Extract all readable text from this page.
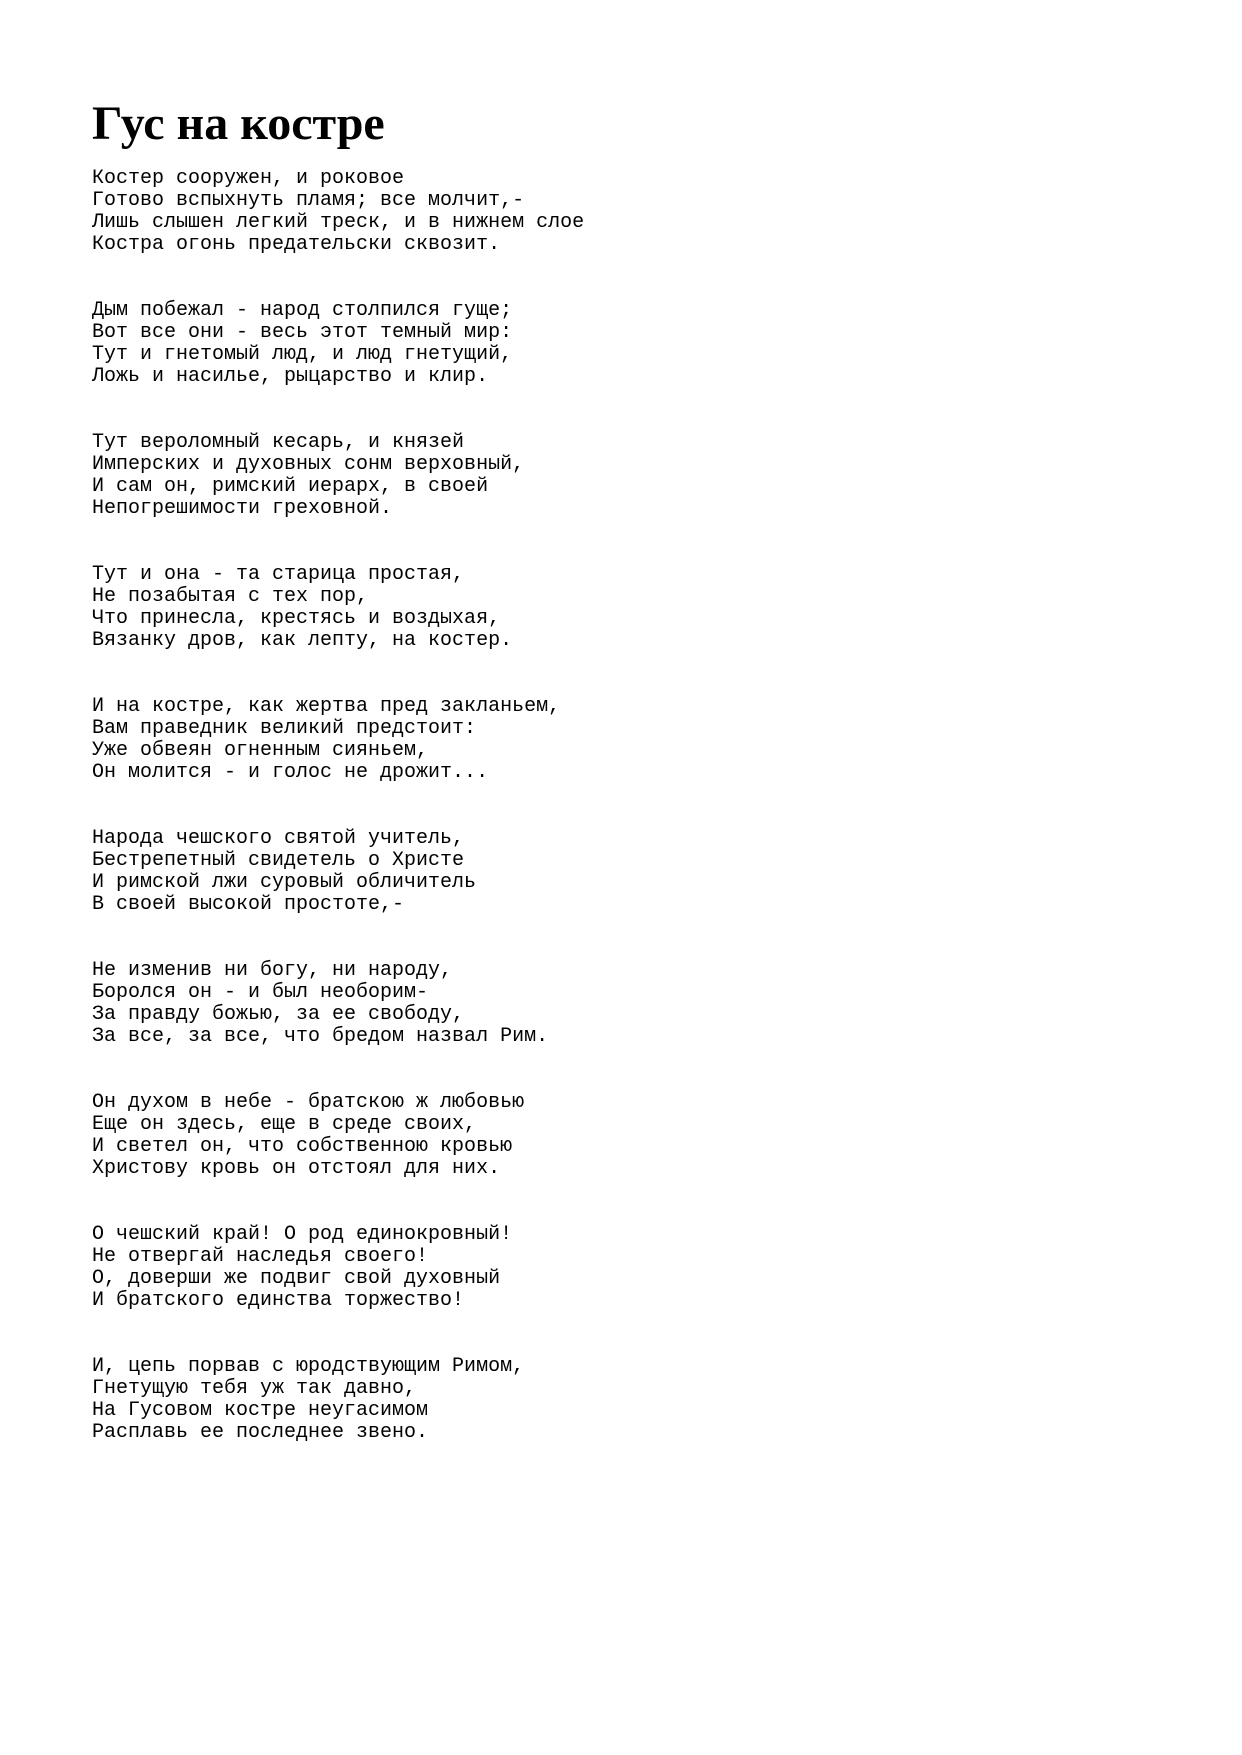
Гус на костре
Костер сооружен, и роковое
Готово вспыхнуть пламя; все молчит,-
Лишь слышен легкий треск, и в нижнем слое
Костра огонь предательски сквозит.
Дым побежал - народ столпился гуще;
Вот все они - весь этот темный мир:
Тут и гнетомый люд, и люд гнетущий,
Ложь и насилье, рыцарство и клир.
Тут вероломный кесарь, и князей
Имперских и духовных сонм верховный,
И сам он, римский иерарх, в своей
Непогрешимости греховной.
Тут и она - та старица простая,
Не позабытая с тех пор,
Что принесла, крестясь и воздыхая,
Вязанку дров, как лепту, на костер.
И на костре, как жертва пред закланьем,
Вам праведник великий предстоит:
Уже обвеян огненным сияньем,
Он молится - и голос не дрожит...
Народа чешского святой учитель,
Бестрепетный свидетель о Христе
И римской лжи суровый обличитель
В своей высокой простоте,-
Не изменив ни богу, ни народу,
Боролся он - и был необорим-
За правду божью, за ее свободу,
За все, за все, что бредом назвал Рим.
Он духом в небе - братскою ж любовью
Еще он здесь, еще в среде своих,
И светел он, что собственною кровью
Христову кровь он отстоял для них.
О чешский край! О род единокровный!
Не отвергай наследья своего!
О, доверши же подвиг свой духовный
И братского единства торжество!
И, цепь порвав с юродствующим Римом,
Гнетущую тебя уж так давно,
На Гусовом костре неугасимом
Расплавь ее последнее звено.
